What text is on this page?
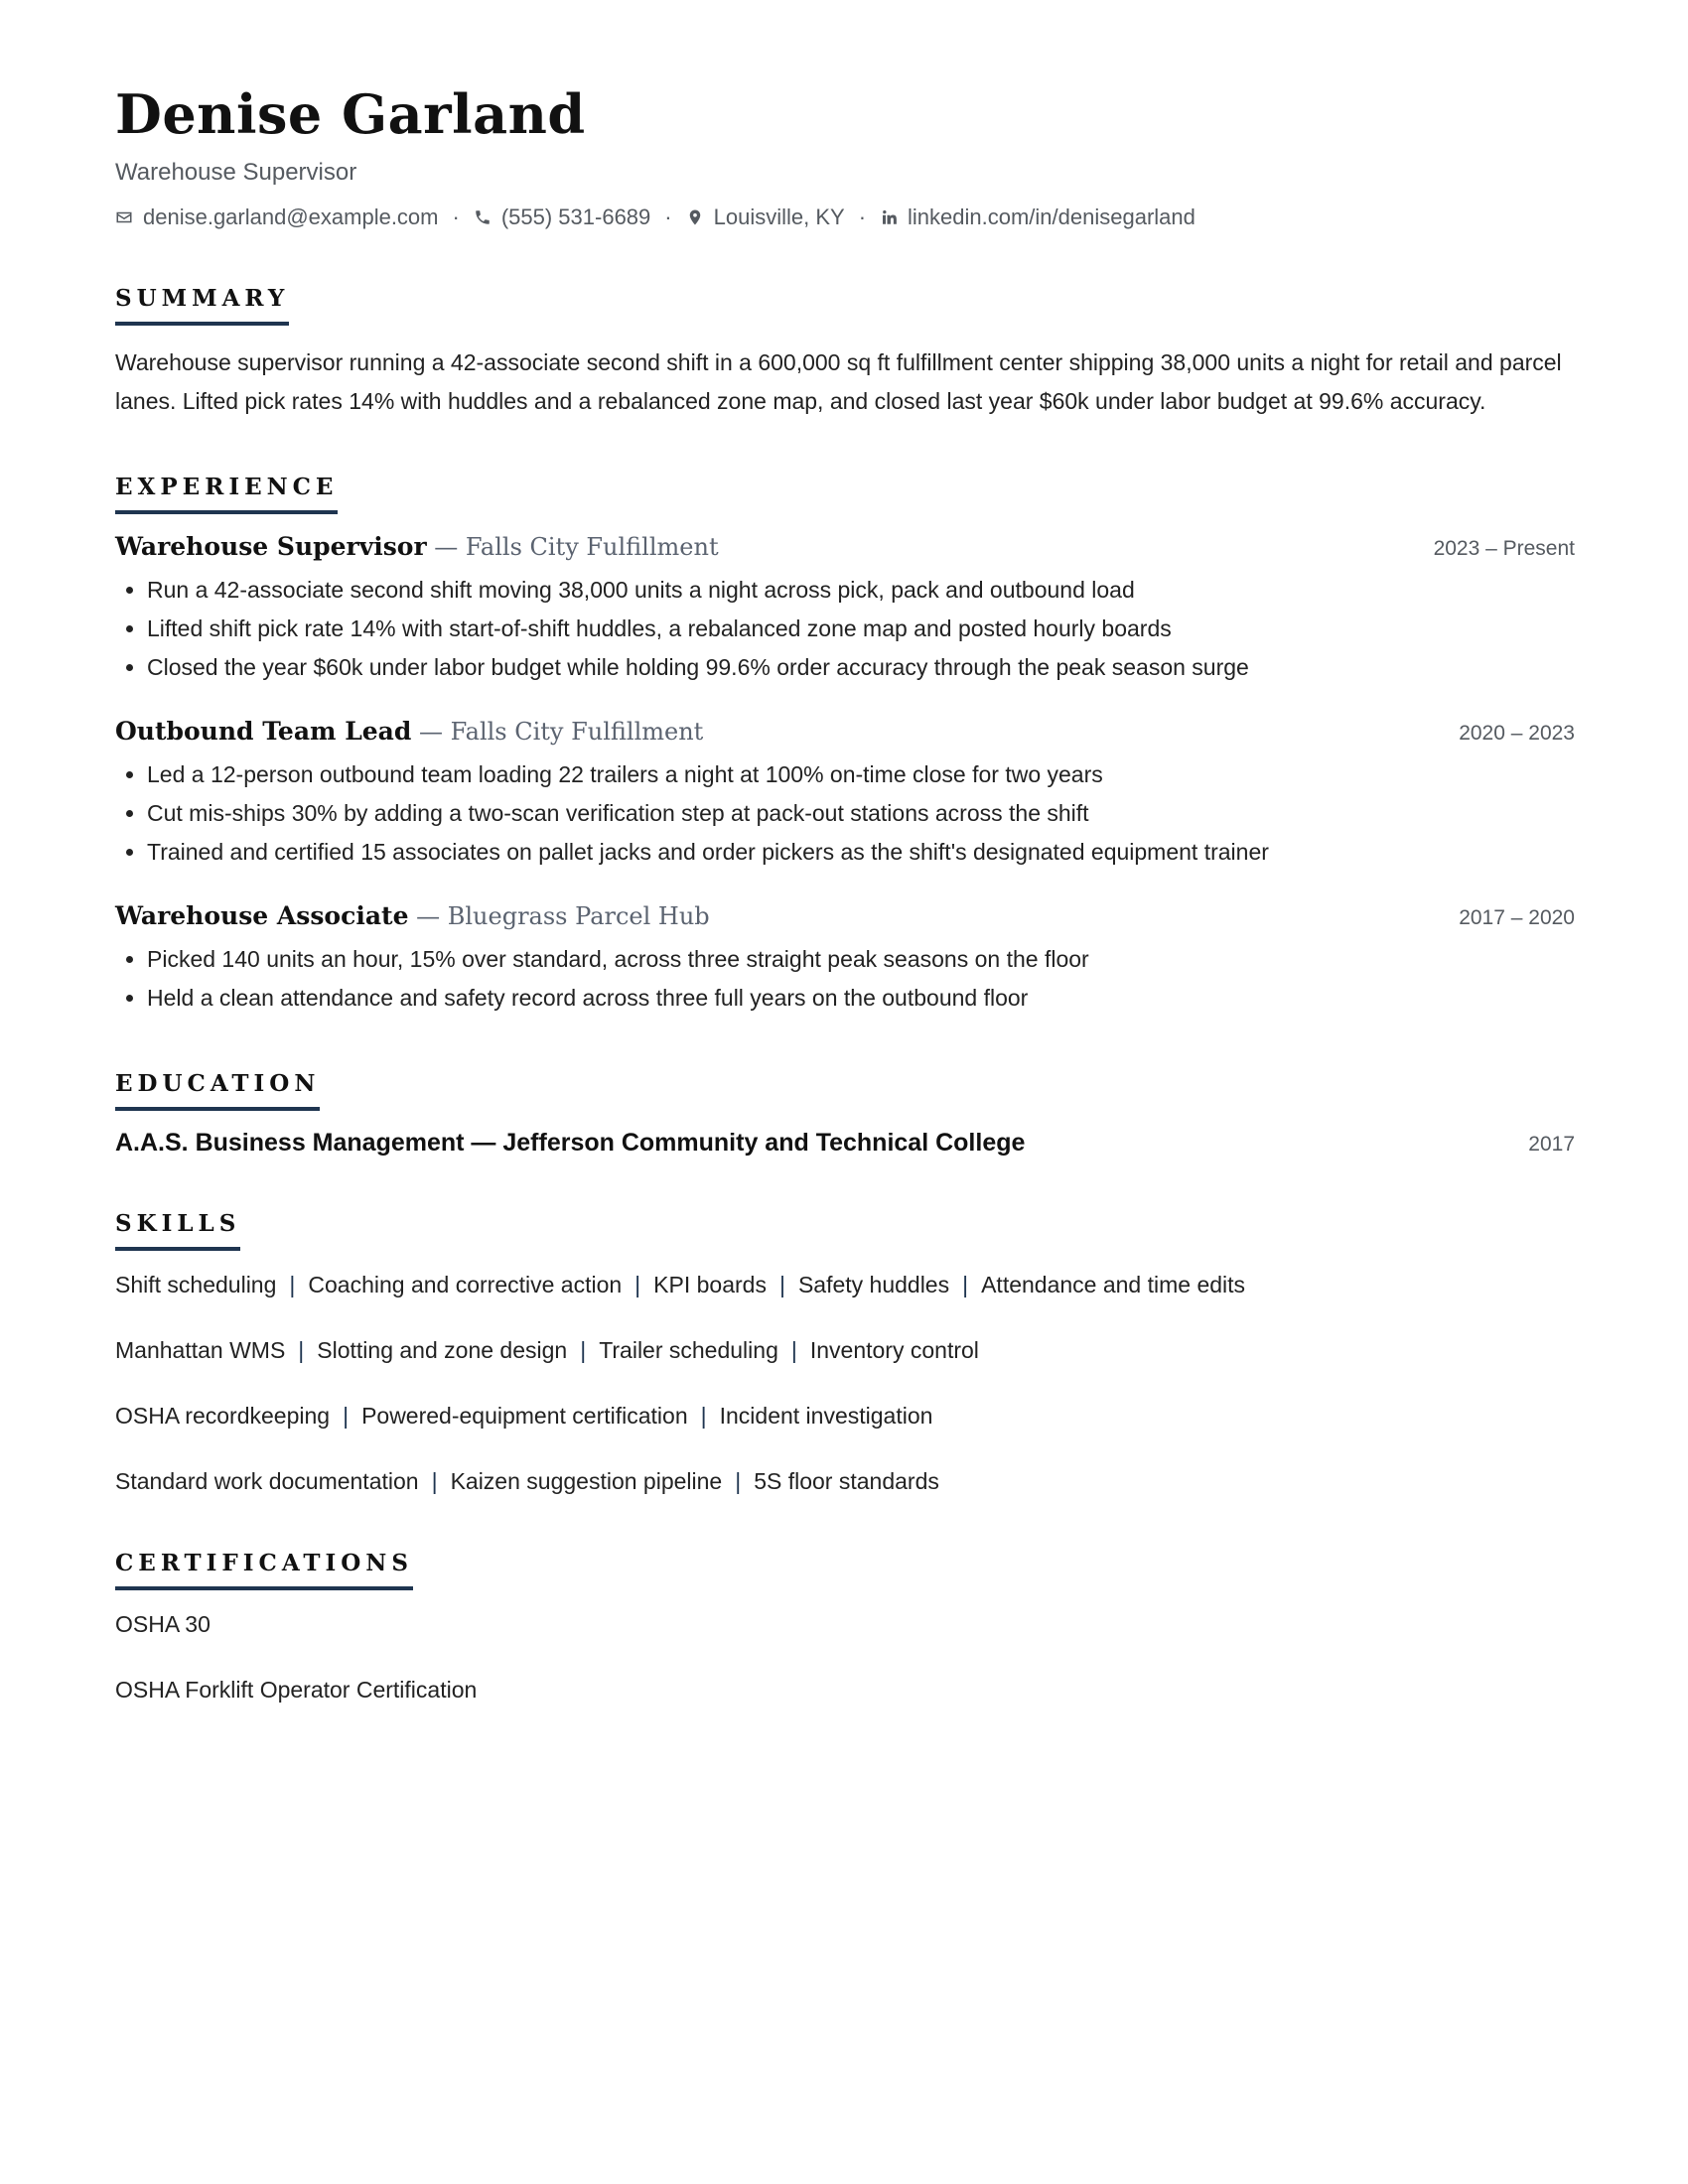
Denise Garland
Warehouse Supervisor
denise.garland@example.com · (555) 531-6689 · Louisville, KY · linkedin.com/in/denisegarland
SUMMARY

Warehouse supervisor running a 42-associate second shift in a 600,000 sq ft fulfillment center shipping 38,000 units a night for retail and parcel lanes. Lifted pick rates 14% with huddles and a rebalanced zone map, and closed last year $60k under labor budget at 99.6% accuracy.

EXPERIENCE
Warehouse Supervisor — Falls City Fulfillment	2023 – Present
• Run a 42-associate second shift moving 38,000 units a night across pick, pack and outbound load
• Lifted shift pick rate 14% with start-of-shift huddles, a rebalanced zone map and posted hourly boards
• Closed the year $60k under labor budget while holding 99.6% order accuracy through the peak season surge
Outbound Team Lead — Falls City Fulfillment	2020 – 2023
• Led a 12-person outbound team loading 22 trailers a night at 100% on-time close for two years
• Cut mis-ships 30% by adding a two-scan verification step at pack-out stations across the shift
• Trained and certified 15 associates on pallet jacks and order pickers as the shift's designated equipment trainer
Warehouse Associate — Bluegrass Parcel Hub	2017 – 2020
• Picked 140 units an hour, 15% over standard, across three straight peak seasons on the floor
• Held a clean attendance and safety record across three full years on the outbound floor
EDUCATION
A.A.S. Business Management — Jefferson Community and Technical College	2017
SKILLS
Shift scheduling | Coaching and corrective action | KPI boards | Safety huddles | Attendance and time edits
Manhattan WMS | Slotting and zone design | Trailer scheduling | Inventory control
OSHA recordkeeping | Powered-equipment certification | Incident investigation
Standard work documentation | Kaizen suggestion pipeline | 5S floor standards
CERTIFICATIONS
OSHA 30
OSHA Forklift Operator Certification
